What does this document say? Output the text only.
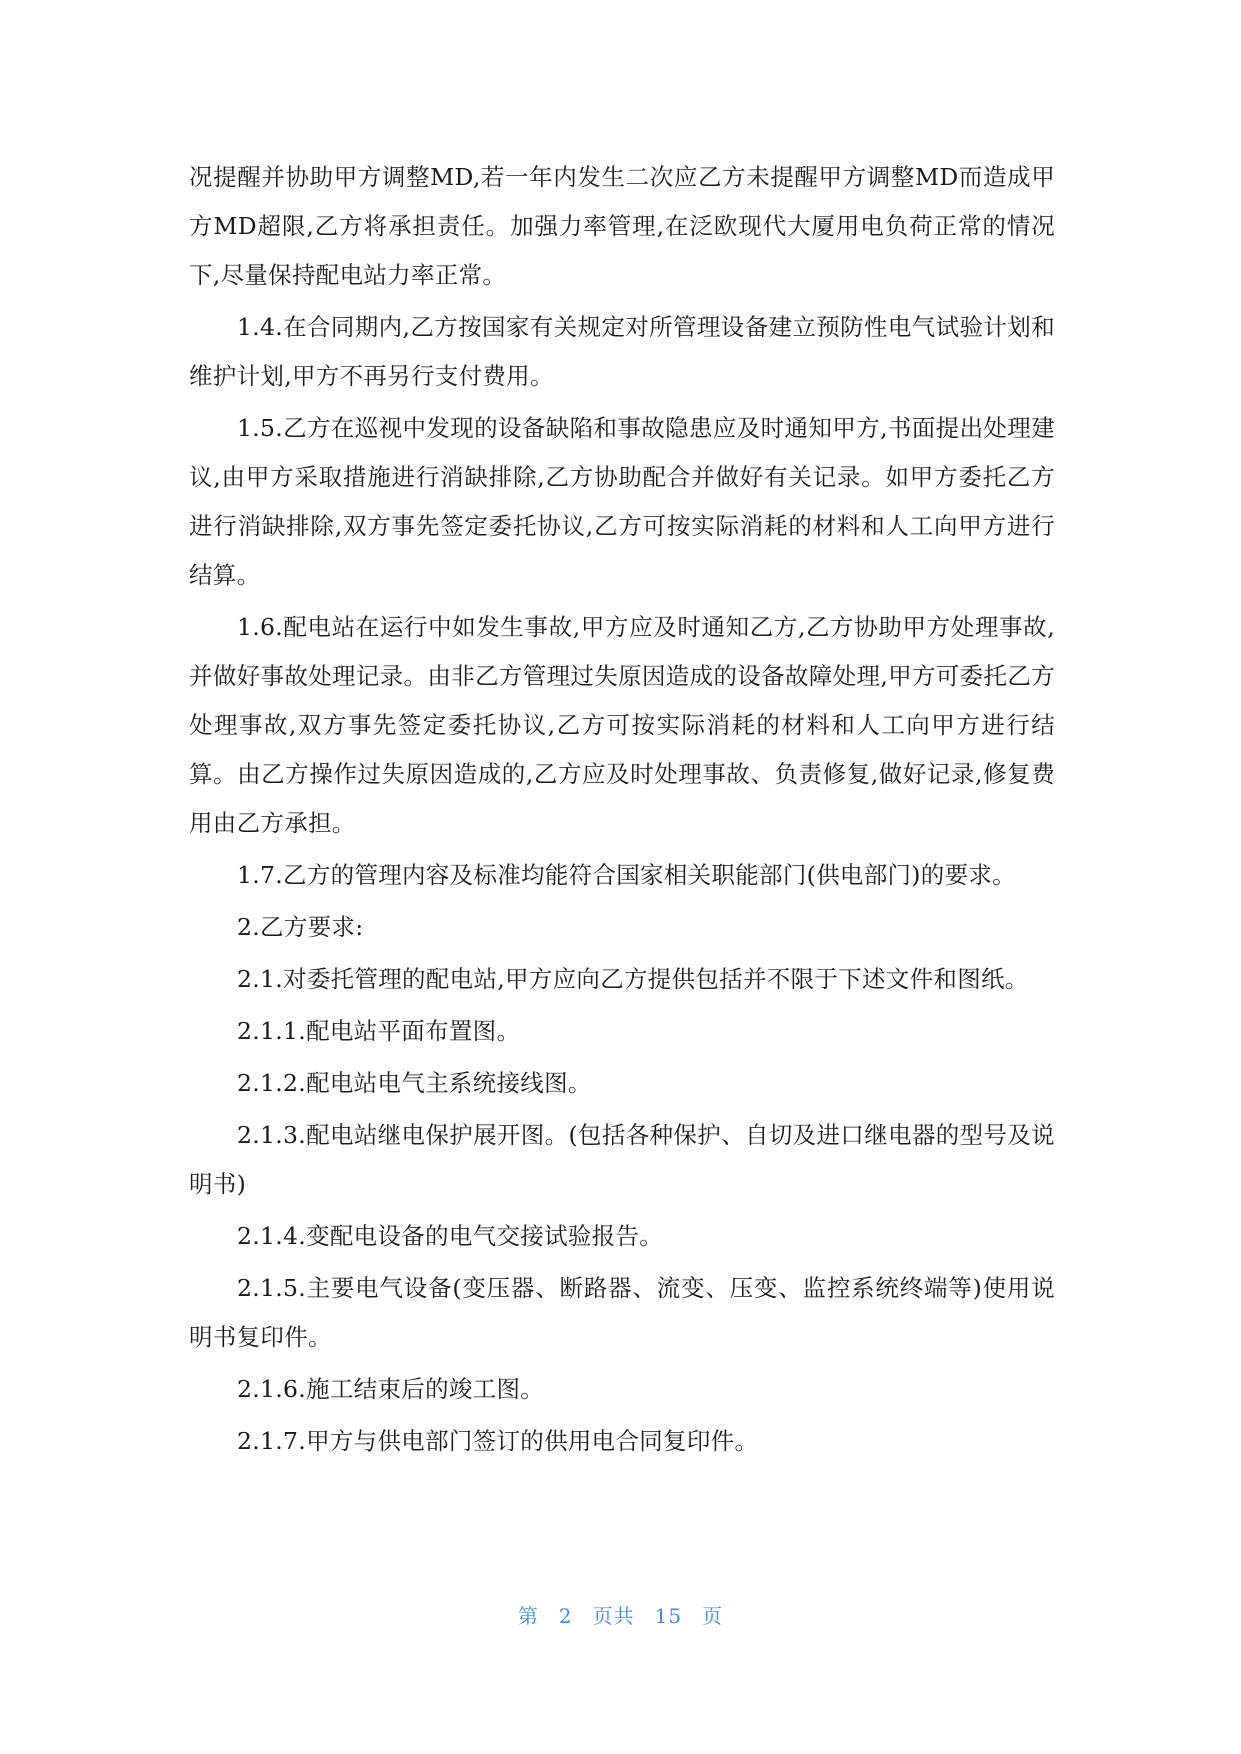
况提醒并协助甲方调整MD,若一年内发生二次应乙方未提醒甲方调整MD而造成甲方MD超限,乙方将承担责任。加强力率管理,在泛欧现代大厦用电负荷正常的情况下,尽量保持配电站力率正常。

1.4.在合同期内,乙方按国家有关规定对所管理设备建立预防性电气试验计划和维护计划,甲方不再另行支付费用。

1.5.乙方在巡视中发现的设备缺陷和事故隐患应及时通知甲方,书面提出处理建议,由甲方采取措施进行消缺排除,乙方协助配合并做好有关记录。如甲方委托乙方进行消缺排除,双方事先签定委托协议,乙方可按实际消耗的材料和人工向甲方进行结算。

1.6.配电站在运行中如发生事故,甲方应及时通知乙方,乙方协助甲方处理事故,并做好事故处理记录。由非乙方管理过失原因造成的设备故障处理,甲方可委托乙方处理事故,双方事先签定委托协议,乙方可按实际消耗的材料和人工向甲方进行结算。由乙方操作过失原因造成的,乙方应及时处理事故、负责修复,做好记录,修复费用由乙方承担。

1.7.乙方的管理内容及标准均能符合国家相关职能部门(供电部门)的要求。

2.乙方要求:

2.1.对委托管理的配电站,甲方应向乙方提供包括并不限于下述文件和图纸。

2.1.1.配电站平面布置图。

2.1.2.配电站电气主系统接线图。

2.1.3.配电站继电保护展开图。(包括各种保护、自切及进口继电器的型号及说明书)

2.1.4.变配电设备的电气交接试验报告。

2.1.5.主要电气设备(变压器、断路器、流变、压变、监控系统终端等)使用说明书复印件。

2.1.6.施工结束后的竣工图。

2.1.7.甲方与供电部门签订的供用电合同复印件。

第 2 页共 15 页
